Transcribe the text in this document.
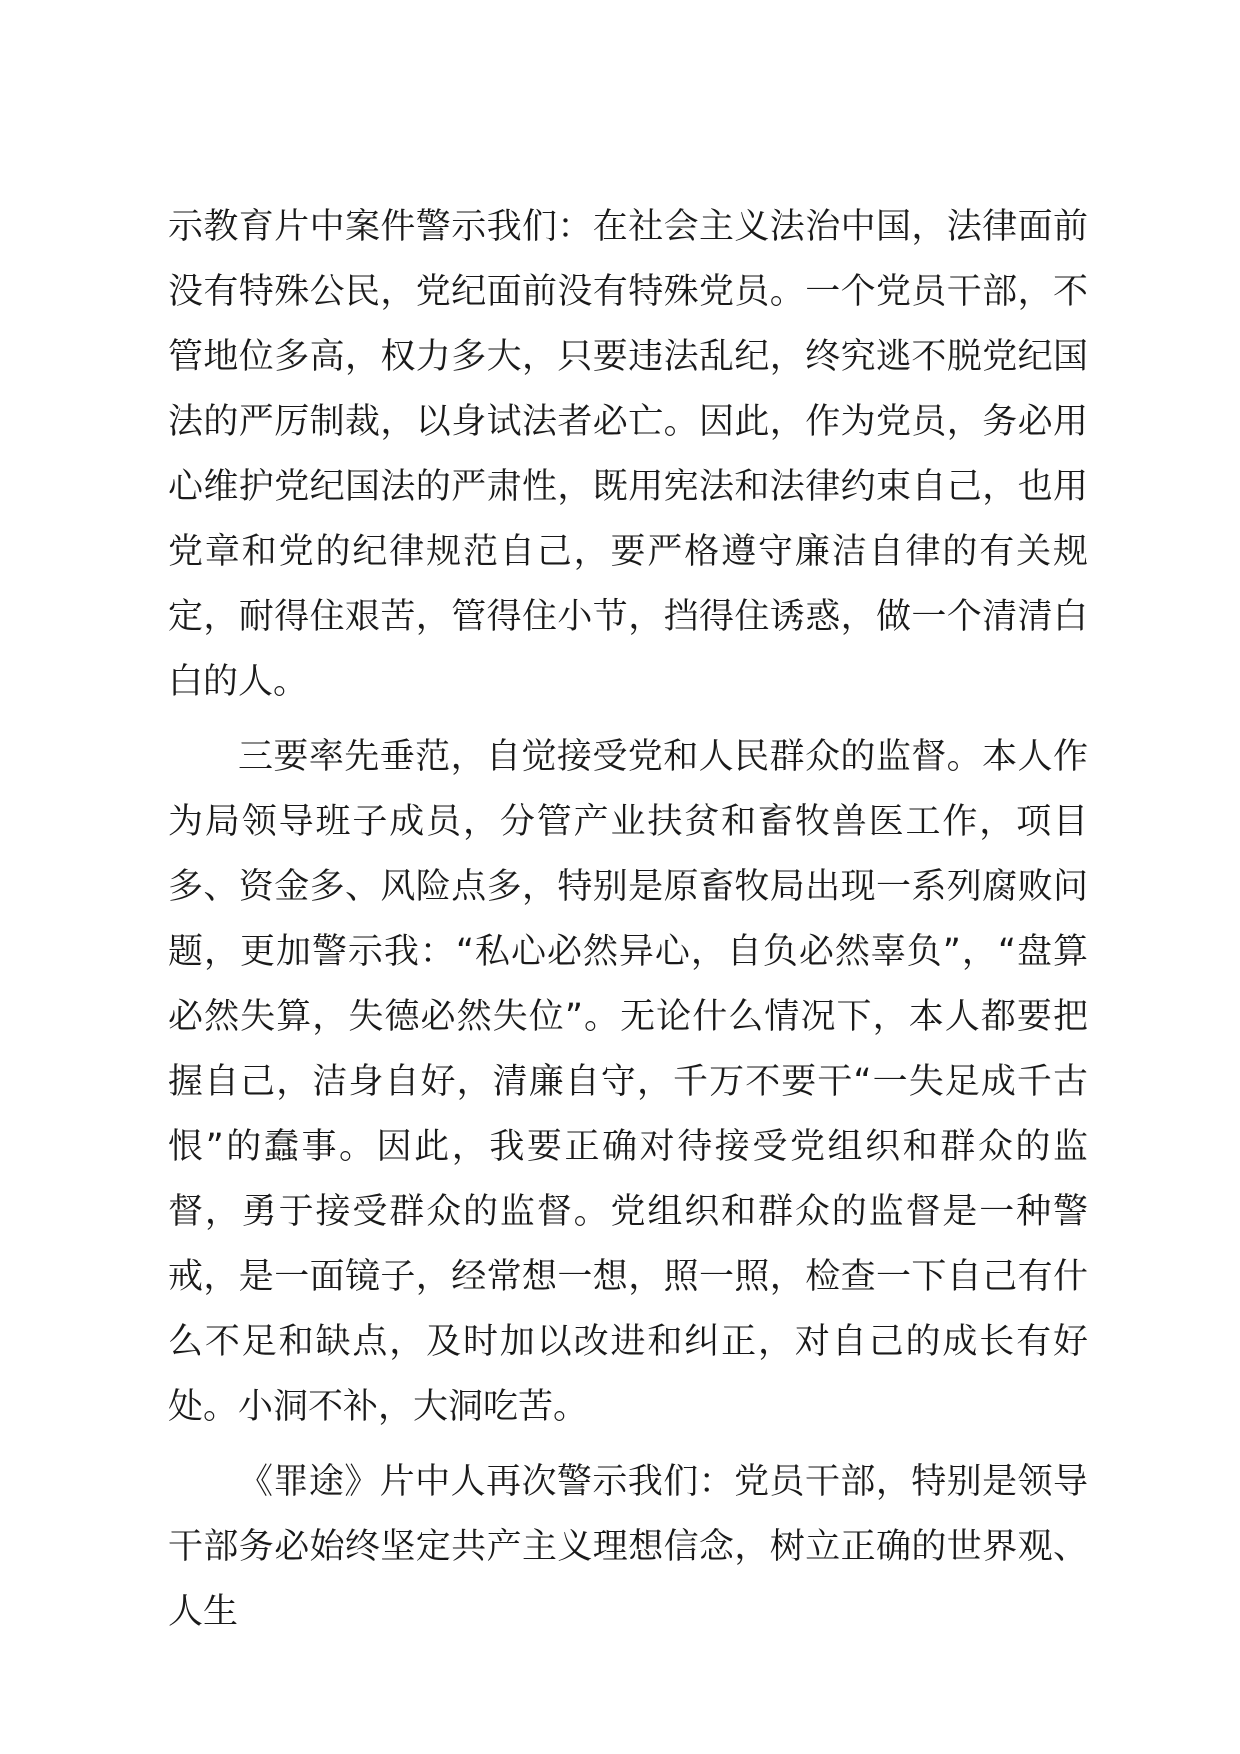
示教育片中案件警示我们：在社会主义法治中国，法律面前没有特殊公民，党纪面前没有特殊党员。一个党员干部，不管地位多高，权力多大，只要违法乱纪，终究逃不脱党纪国法的严厉制裁，以身试法者必亡。因此，作为党员，务必用心维护党纪国法的严肃性，既用宪法和法律约束自己，也用党章和党的纪律规范自己，要严格遵守廉洁自律的有关规定，耐得住艰苦，管得住小节，挡得住诱惑，做一个清清白白的人。

三要率先垂范，自觉接受党和人民群众的监督。本人作为局领导班子成员，分管产业扶贫和畜牧兽医工作，项目多、资金多、风险点多，特别是原畜牧局出现一系列腐败问题，更加警示我：“私心必然异心，自负必然辜负”，“盘算必然失算，失德必然失位”。无论什么情况下，本人都要把握自己，洁身自好，清廉自守，千万不要干“一失足成千古恨”的蠢事。因此，我要正确对待接受党组织和群众的监督，勇于接受群众的监督。党组织和群众的监督是一种警戒，是一面镜子，经常想一想，照一照，检查一下自己有什么不足和缺点，及时加以改进和纠正，对自己的成长有好处。小洞不补，大洞吃苦。

《罪途》片中人再次警示我们：党员干部，特别是领导干部务必始终坚定共产主义理想信念，树立正确的世界观、人生
